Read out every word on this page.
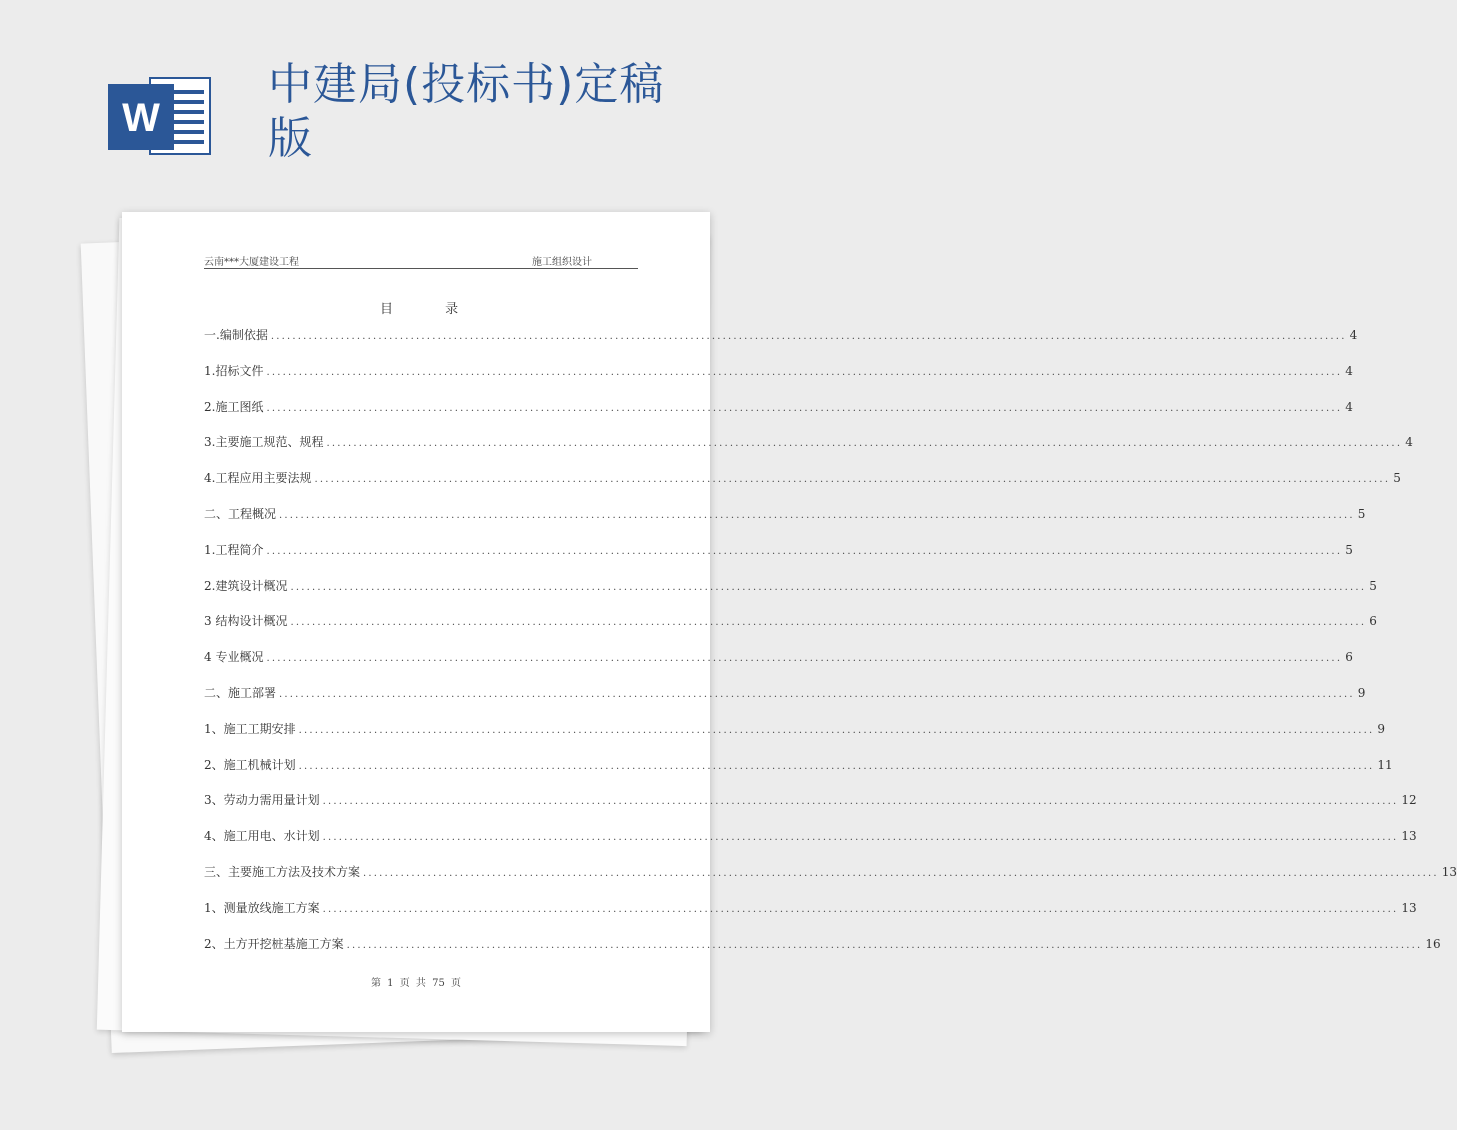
W
中建局(投标书)定稿版
云南***大厦建设工程	施工组织设计
目 录
一.编制依据 ........................................................................................................................................................................................................ 4
1.招标文件 ........................................................................................................................................................................................................ 4
2.施工图纸 ........................................................................................................................................................................................................ 4
3.主要施工规范、规程 ........................................................................................................................................................................................................ 4
4.工程应用主要法规 ........................................................................................................................................................................................................ 5
二、工程概况 ........................................................................................................................................................................................................ 5
1.工程简介 ........................................................................................................................................................................................................ 5
2.建筑设计概况 ........................................................................................................................................................................................................ 5
3 结构设计概况 ........................................................................................................................................................................................................ 6
4 专业概况 ........................................................................................................................................................................................................ 6
二、施工部署 ........................................................................................................................................................................................................ 9
1、施工工期安排 ........................................................................................................................................................................................................ 9
2、施工机械计划 ........................................................................................................................................................................................................ 11
3、劳动力需用量计划 ........................................................................................................................................................................................................ 12
4、施工用电、水计划 ........................................................................................................................................................................................................ 13
三、主要施工方法及技术方案 ........................................................................................................................................................................................................ 13
1、测量放线施工方案 ........................................................................................................................................................................................................ 13
2、土方开挖桩基施工方案 ........................................................................................................................................................................................................ 16
第 1 页 共 75 页
